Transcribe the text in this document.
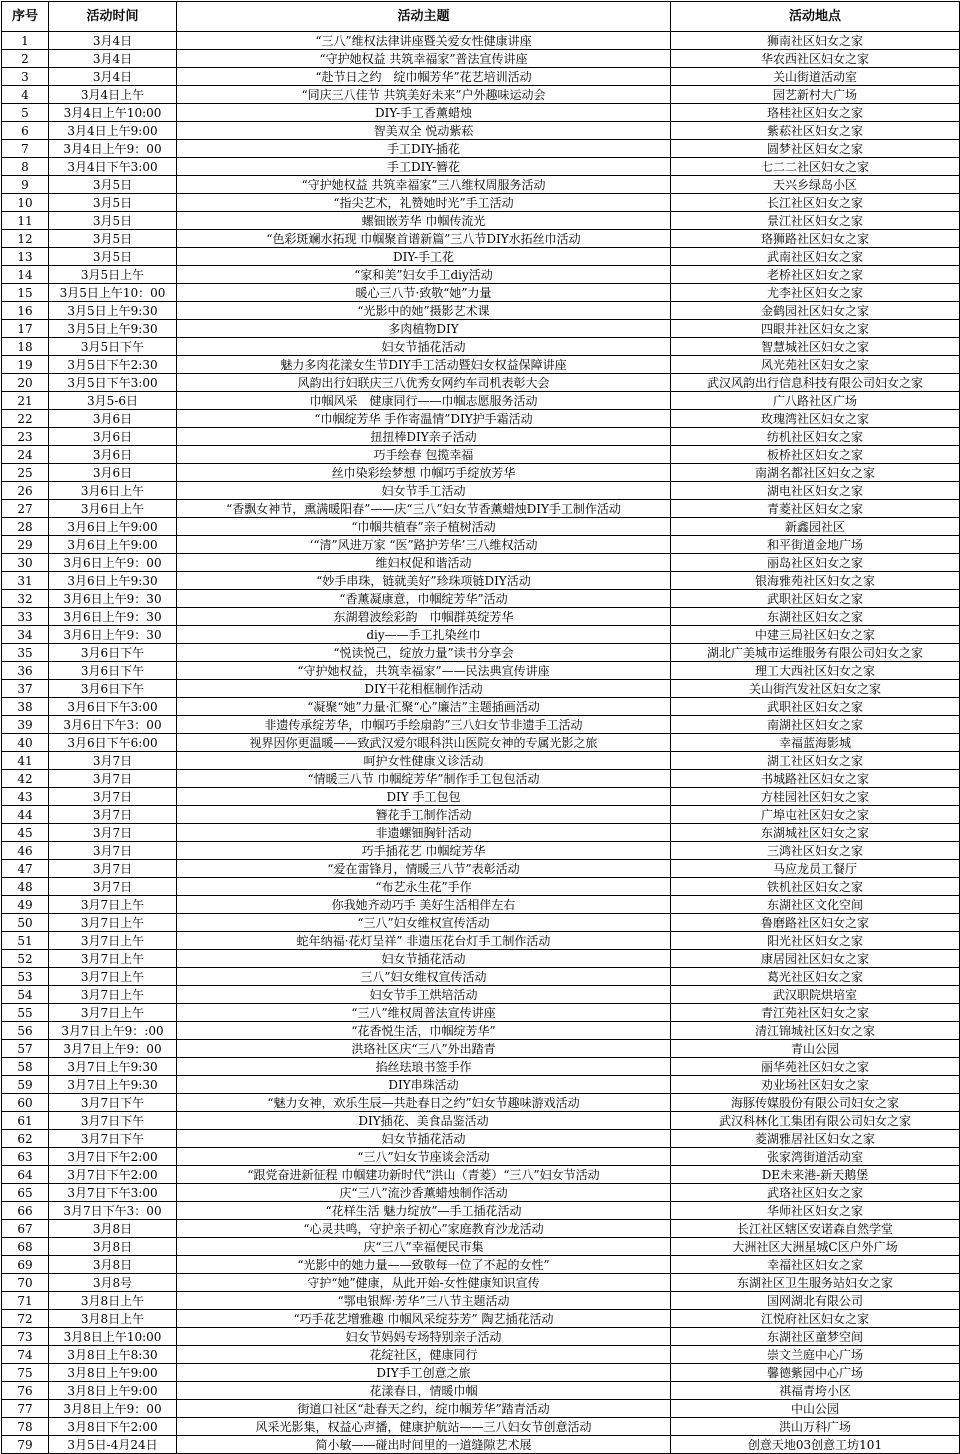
序号	活动时间	活动主题	活动地点
1	3月4日	“三八”维权法律讲座暨关爱女性健康讲座	狮南社区妇女之家
2	3月4日	“守护她权益 共筑幸福家”普法宣传讲座	华农西社区妇女之家
3	3月4日	“赴节日之约　绽巾帼芳华”花艺培训活动	关山街道活动室
4	3月4日上午	“同庆三八佳节 共筑美好未来”户外趣味运动会	园艺新村大广场
5	3月4日上午10:00	DIY-手工香薰蜡烛	珞桂社区妇女之家
6	3月4日上午9:00	智美双全 悦动紫菘	紫菘社区妇女之家
7	3月4日上午9：00	手工DIY-插花	圆梦社区妇女之家
8	3月4日下午3:00	手工DIY-簪花	七二二社区妇女之家
9	3月5日	“守护她权益 共筑幸福家”三八维权周服务活动	天兴乡绿岛小区
10	3月5日	“指尖艺术，礼赞她时光”手工活动	长江社区妇女之家
11	3月5日	螺钿嵌芳华 巾帼传流光	景江社区妇女之家
12	3月5日	“色彩斑斓水拓现 巾帼聚首谱新篇”三八节DIY水拓丝巾活动	珞狮路社区妇女之家
13	3月5日	DIY-手工花	武南社区妇女之家
14	3月5日上午	“家和美”妇女手工diy活动	老桥社区妇女之家
15	3月5日上午10：00	暖心三八节·致敬“她”力量	尤李社区妇女之家
16	3月5日上午9:30	“光影中的她”摄影艺术课	金鹤园社区妇女之家
17	3月5日上午9:30	多肉植物DIY	四眼井社区妇女之家
18	3月5日下午	妇女节插花活动	智慧城社区妇女之家
19	3月5日下午2:30	魅力多肉花漾女生节DIY手工活动暨妇女权益保障讲座	风光苑社区妇女之家
20	3月5日下午3:00	风韵出行妇联庆三八优秀女网约车司机表彰大会	武汉风韵出行信息科技有限公司妇女之家
21	3月5-6日	巾帼风采　健康同行——巾帼志愿服务活动	广八路社区广场
22	3月6日	“巾帼绽芳华 手作寄温情”DIY护手霜活动	玫瑰湾社区妇女之家
23	3月6日	扭扭棒DIY亲子活动	纺机社区妇女之家
24	3月6日	巧手绘春 包揽幸福	板桥社区妇女之家
25	3月6日	丝巾染彩绘梦想 巾帼巧手绽放芳华	南湖名都社区妇女之家
26	3月6日上午	妇女节手工活动	湖电社区妇女之家
27	3月6日上午	“香飘女神节，熏满暖阳春”——庆“三八”妇女节香薰蜡烛DIY手工制作活动	青菱社区妇女之家
28	3月6日上午9:00	“巾帼共植春”亲子植树活动	新鑫园社区
29	3月6日上午9:00	‘“清”风进万家 “医”路护芳华’三八维权活动	和平街道金地广场
30	3月6日上午9：00	维妇权促和谐活动	丽岛社区妇女之家
31	3月6日上午9:30	“妙手串珠，链就美好”珍珠项链DIY活动	银海雅苑社区妇女之家
32	3月6日上午9：30	“香薰凝康意，巾帼绽芳华”活动	武职社区妇女之家
33	3月6日上午9：30	东湖碧波绘彩韵　巾帼群英绽芳华	东湖社区妇女之家
34	3月6日上午9：30	diy——手工扎染丝巾	中建三局社区妇女之家
35	3月6日下午	“悦读悦己，绽放力量”读书分享会	湖北广美城市运维服务有限公司妇女之家
36	3月6日下午	“守护她权益，共筑幸福家”——民法典宣传讲座	理工大西社区妇女之家
37	3月6日下午	DIY干花相框制作活动	关山街汽发社区妇女之家
38	3月6日下午3:00	“凝聚“她”力量·汇聚“心”廉洁”主题插画活动	武职社区妇女之家
39	3月6日下午3：00	非遗传承绽芳华，巾帼巧手绘扇韵”三八妇女节非遗手工活动	南湖社区妇女之家
40	3月6日下午6:00	视界因你更温暖——致武汉爱尔眼科洪山医院女神的专属光影之旅	幸福蓝海影城
41	3月7日	呵护女性健康义诊活动	湖工社区妇女之家
42	3月7日	“情暖三八节 巾帼绽芳华”制作手工包包活动	书城路社区妇女之家
43	3月7日	DIY 手工包包	方桂园社区妇女之家
44	3月7日	簪花手工制作活动	广埠屯社区妇女之家
45	3月7日	非遗螺钿胸针活动	东湖城社区妇女之家
46	3月7日	巧手插花艺 巾帼绽芳华	三鸿社区妇女之家
47	3月7日	“爱在雷锋月，情暖三八节”表彰活动	马应龙员工餐厅
48	3月7日	“布艺永生花”手作	铁机社区妇女之家
49	3月7日上午	你我她齐动巧手 美好生活相伴左右	东湖社区文化空间
50	3月7日上午	“三八”妇女维权宣传活动	鲁磨路社区妇女之家
51	3月7日上午	蛇年纳福·花灯呈祥” 非遗压花台灯手工制作活动	阳光社区妇女之家
52	3月7日上午	妇女节插花活动	康居园社区妇女之家
53	3月7日上午	三八”妇女维权宣传活动	葛光社区妇女之家
54	3月7日上午	妇女节手工烘培活动	武汉职院烘培室
55	3月7日上午	“三八”维权周普法宣传讲座	青江苑社区妇女之家
56	3月7日上午9：:00	“花香悦生活，巾帼绽芳华”	清江锦城社区妇女之家
57	3月7日上午9：00	洪珞社区庆“三八”外出踏青	青山公园
58	3月7日上午9:30	掐丝珐琅书签手作	丽华苑社区妇女之家
59	3月7日上午9:30	DIY串珠活动	劝业场社区妇女之家
60	3月7日下午	“魅力女神，欢乐生辰—共赴春日之约”妇女节趣味游戏活动	海豚传媒股份有限公司妇女之家
61	3月7日下午	DIY插花、美食品鉴活动	武汉科林化工集团有限公司妇女之家
62	3月7日下午	妇女节插花活动	菱湖雅居社区妇女之家
63	3月7日下午2:00	“三八”妇女节座谈会活动	张家湾街道活动室
64	3月7日下午2:00	“跟党奋进新征程 巾帼建功新时代”洪山（青菱）“三八”妇女节活动	DE未来港-新天鹅堡
65	3月7日下午3:00	庆“三八”流沙香薰蜡烛制作活动	武珞社区妇女之家
66	3月7日下午3：00	“花样生活 魅力绽放”—手工插花活动	华师社区妇女之家
67	3月8日	“心灵共鸣，守护亲子初心”家庭教育沙龙活动	长江社区辖区安诺森自然学堂
68	3月8日	庆“三八”幸福便民市集	大洲社区大洲星城C区户外广场
69	3月8日	“光影中的她力量——致敬每一位了不起的女性”	幸福社区妇女之家
70	3月8号	守护“她”健康，从此开始-女性健康知识宣传	东湖社区卫生服务站妇女之家
71	3月8日上午	“鄂电银辉·芳华”三八节主题活动	国网湖北有限公司
72	3月8日上午	“巧手花艺增雅趣 巾帼风采绽芬芳” 陶艺插花活动	江悦府社区妇女之家
73	3月8日上午10:00	妇女节妈妈专场特别亲子活动	东湖社区童梦空间
74	3月8日上午8:30	花绽社区，健康同行	崇文兰庭中心广场
75	3月8日上午9:00	DIY手工创意之旅	馨德紫园中心广场
76	3月8日上午9:00	花漾春日，情暖巾帼	祺福青垮小区
77	3月8日上午9：00	街道口社区“赴春天之约，绽巾帼芳华”踏青活动	中山公园
78	3月8日下午2:00	风采光影集，权益心声播，健康护航站——三八妇女节创意活动	洪山万科广场
79	3月5日-4月24日	简小敏——碰出时间里的一道缝隙艺术展	创意天地03创意工坊101
